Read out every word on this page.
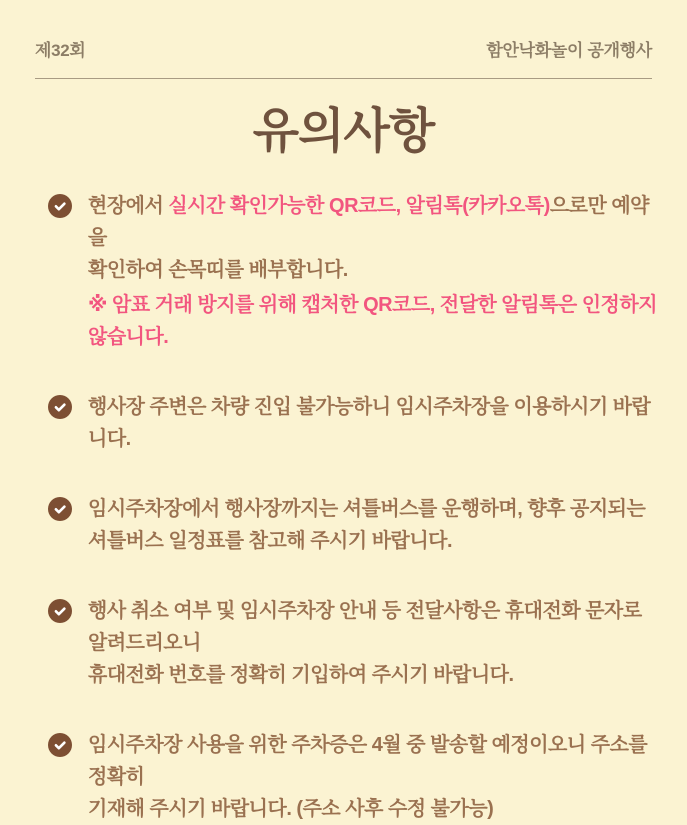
제32회	함안낙화놀이 공개행사
유의사항
현장에서 실시간 확인가능한 QR코드, 알림톡(카카오톡)으로만 예약을
확인하여 손목띠를 배부합니다.
※ 암표 거래 방지를 위해 캡처한 QR코드, 전달한 알림톡은 인정하지 않습니다.
행사장 주변은 차량 진입 불가능하니 임시주차장을 이용하시기 바랍니다.
임시주차장에서 행사장까지는 셔틀버스를 운행하며, 향후 공지되는
셔틀버스 일정표를 참고해 주시기 바랍니다.
행사 취소 여부 및 임시주차장 안내 등 전달사항은 휴대전화 문자로 알려드리오니
휴대전화 번호를 정확히 기입하여 주시기 바랍니다.
임시주차장 사용을 위한 주차증은 4월 중 발송할 예정이오니 주소를 정확히
기재해 주시기 바랍니다. (주소 사후 수정 불가능)
